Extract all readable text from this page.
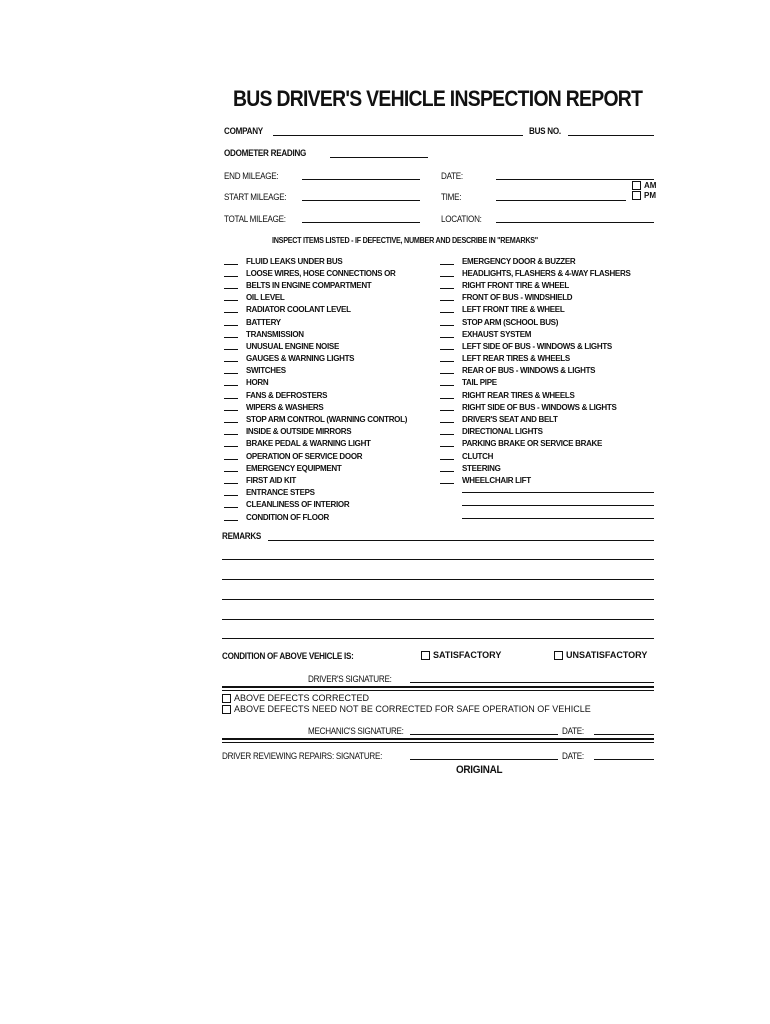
BUS DRIVER'S VEHICLE INSPECTION REPORT
COMPANY	BUS NO.
ODOMETER READING
END MILEAGE:	DATE:
AM
PM
START MILEAGE:	TIME:
TOTAL MILEAGE:	LOCATION:
INSPECT ITEMS LISTED - IF DEFECTIVE, NUMBER AND DESCRIBE IN "REMARKS"
FLUID LEAKS UNDER BUS
LOOSE WIRES, HOSE CONNECTIONS OR
BELTS IN ENGINE COMPARTMENT
OIL LEVEL
RADIATOR COOLANT LEVEL
BATTERY
TRANSMISSION
UNUSUAL ENGINE NOISE
GAUGES & WARNING LIGHTS
SWITCHES
HORN
FANS & DEFROSTERS
WIPERS & WASHERS
STOP ARM CONTROL (WARNING CONTROL)
INSIDE & OUTSIDE MIRRORS
BRAKE PEDAL & WARNING LIGHT
OPERATION OF SERVICE DOOR
EMERGENCY EQUIPMENT
FIRST AID KIT
ENTRANCE STEPS
CLEANLINESS OF INTERIOR
CONDITION OF FLOOR
EMERGENCY DOOR & BUZZER
HEADLIGHTS, FLASHERS & 4-WAY FLASHERS
RIGHT FRONT TIRE & WHEEL
FRONT OF BUS - WINDSHIELD
LEFT FRONT TIRE & WHEEL
STOP ARM (SCHOOL BUS)
EXHAUST SYSTEM
LEFT SIDE OF BUS - WINDOWS & LIGHTS
LEFT REAR TIRES & WHEELS
REAR OF BUS - WINDOWS & LIGHTS
TAIL PIPE
RIGHT REAR TIRES & WHEELS
RIGHT SIDE OF BUS - WINDOWS & LIGHTS
DRIVER'S SEAT AND BELT
DIRECTIONAL LIGHTS
PARKING BRAKE OR SERVICE BRAKE
CLUTCH
STEERING
WHEELCHAIR LIFT
REMARKS
CONDITION OF ABOVE VEHICLE IS:	SATISFACTORY	UNSATISFACTORY
DRIVER'S SIGNATURE:
ABOVE DEFECTS CORRECTED
ABOVE DEFECTS NEED NOT BE CORRECTED FOR SAFE OPERATION OF VEHICLE
MECHANIC'S SIGNATURE:	DATE:
DRIVER REVIEWING REPAIRS: SIGNATURE:	DATE:
ORIGINAL
